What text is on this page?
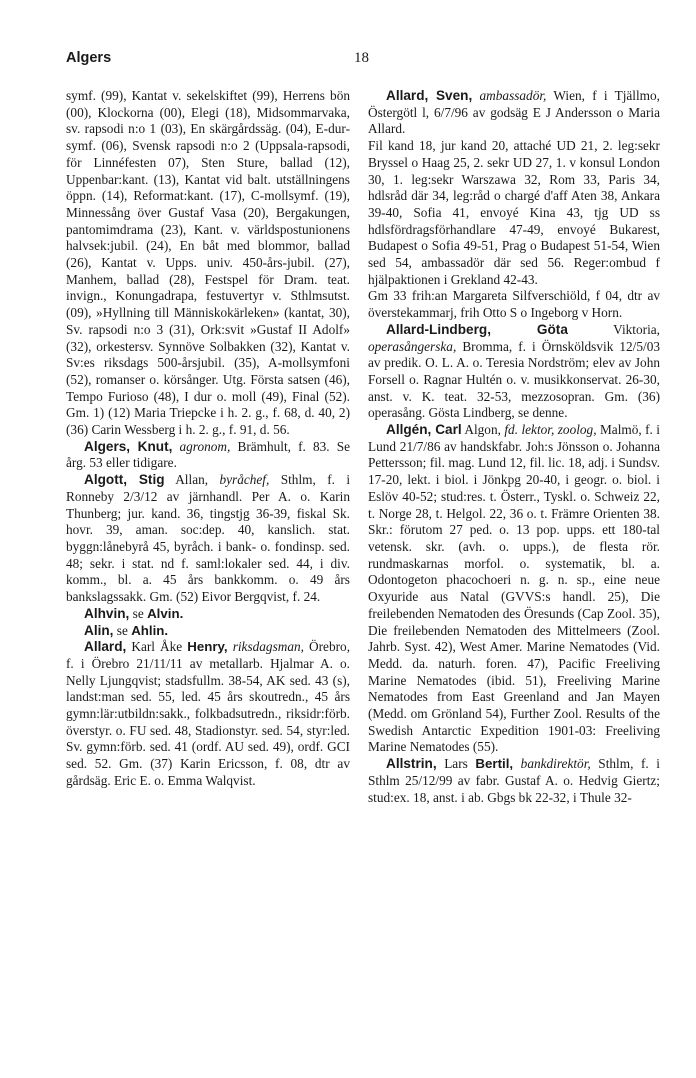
Algers	18

symf. (99), Kantat v. sekelskiftet (99), Herrens bön (00), Klockorna (00), Elegi (18), Midsommarvaka, sv. rapsodi n:o 1 (03), En skärgårdssäg. (04), E-dur-symf. (06), Svensk rapsodi n:o 2 (Uppsala-rapsodi, för Linnéfesten 07), Sten Sture, ballad (12), Uppenbar:kant. (13), Kantat vid balt. utställningens öppn. (14), Reformat:kant. (17), C-mollsymf. (19), Minnessång över Gustaf Vasa (20), Bergakungen, pantomimdrama (23), Kant. v. världspostunionens halvsek:jubil. (24), En båt med blommor, ballad (26), Kantat v. Upps. univ. 450-års-jubil. (27), Manhem, ballad (28), Festspel för Dram. teat. invign., Konungadrapa, festuvertyr v. Sthlmsutst. (09), »Hyllning till Människokärleken» (kantat, 30), Sv. rapsodi n:o 3 (31), Ork:svit »Gustaf II Adolf» (32), orkestersv. Synnöve Solbakken (32), Kantat v. Sv:es riksdags 500-årsjubil. (35), A-mollsymfoni (52), romanser o. körsånger. Utg. Första satsen (46), Tempo Furioso (48), I dur o. moll (49), Final (52). Gm. 1) (12) Maria Triepcke i h. 2. g., f. 68, d. 40, 2) (36) Carin Wessberg i h. 2. g., f. 91, d. 56.

Algers, Knut, agronom, Brämhult, f. 83. Se årg. 53 eller tidigare.

Algott, Stig Allan, byråchef, Sthlm, f. i Ronneby 2/3/12 av järnhandl. Per A. o. Karin Thunberg; jur. kand. 36, tingstjg 36-39, fiskal Sk. hovr. 39, aman. soc:dep. 40, kanslich. stat. byggn:lånebyrå 45, byråch. i bank- o. fondinsp. sed. 48; sekr. i stat. nd f. saml:lokaler sed. 44, i div. komm., bl. a. 45 års bankkomm. o. 49 års bankslagssakk. Gm. (52) Eivor Bergqvist, f. 24.

Alhvin, se Alvin.

Alin, se Ahlin.

Allard, Karl Åke Henry, riksdagsman, Örebro, f. i Örebro 21/11/11 av metallarb. Hjalmar A. o. Nelly Ljungqvist; stadsfullm. 38-54, AK sed. 43 (s), landst:man sed. 55, led. 45 års skoutredn., 45 års gymn:lär:utbildn:sakk., folkbadsutredn., riksidr:förb. överstyr. o. FU sed. 48, Stadionstyr. sed. 54, styr:led. Sv. gymn:förb. sed. 41 (ordf. AU sed. 49), ordf. GCI sed. 52. Gm. (37) Karin Ericsson, f. 08, dtr av gårdsäg. Eric E. o. Emma Walqvist.

Allard, Sven, ambassadör, Wien, f i Tjällmo, Östergötl l, 6/7/96 av godsäg E J Andersson o Maria Allard.

Fil kand 18, jur kand 20, attaché UD 21, 2. leg:sekr Bryssel o Haag 25, 2. sekr UD 27, 1. v konsul London 30, 1. leg:sekr Warszawa 32, Rom 33, Paris 34, hdlsråd där 34, leg:råd o chargé d'aff Aten 38, Ankara 39-40, Sofia 41, envoyé Kina 43, tjg UD ss hdlsfördragsförhandlare 47-49, envoyé Bukarest, Budapest o Sofia 49-51, Prag o Budapest 51-54, Wien sed 54, ambassadör där sed 56. Reger:ombud f hjälpaktionen i Grekland 42-43.

Gm 33 frih:an Margareta Silfverschiöld, f 04, dtr av överstekammarj, frih Otto S o Ingeborg v Horn.

Allard-Lindberg, Göta	Viktoria, operasångerska, Bromma, f. i Örnsköldsvik 12/5/03 av predik. O. L. A. o. Teresia Nordström; elev av John Forsell o. Ragnar Hultén o. v. musikkonservat. 26-30, anst. v. K. teat. 32-53, mezzosopran. Gm. (36) operasång. Gösta Lindberg, se denne.

Allgén, Carl Algon, fd. lektor, zoolog, Malmö, f. i Lund 21/7/86 av handskfabr. Joh:s Jönsson o. Johanna Pettersson; fil. mag. Lund 12, fil. lic. 18, adj. i Sundsv. 17-20, lekt. i biol. i Jönkpg 20-40, i geogr. o. biol. i Eslöv 40-52; stud:res. t. Österr., Tyskl. o. Schweiz 22, t. Norge 28, t. Helgol. 22, 36 o. t. Främre Orienten 38. Skr.: förutom 27 ped. o. 13 pop. upps. ett 180-tal vetensk. skr. (avh. o. upps.), de flesta rör. rundmaskarnas morfol. o. systematik, bl. a. Odontogeton phacochoeri n. g. n. sp., eine neue Oxyuride aus Natal (GVVS:s handl. 25), Die freilebenden Nematoden des Öresunds (Cap Zool. 35), Die freilebenden Nematoden des Mittelmeers (Zool. Jahrb. Syst. 42), West Amer. Marine Nematodes (Vid. Medd. da. naturh. foren. 47), Pacific Freeliving Marine Nematodes (ibid. 51), Freeliving Marine Nematodes from East Greenland and Jan Mayen (Medd. om Grönland 54), Further Zool. Results of the Swedish Antarctic Expedition 1901-03: Freeliving Marine Nematodes (55).

Allstrin, Lars Bertil, bankdirektör, Sthlm, f. i Sthlm 25/12/99 av fabr. Gustaf A. o. Hedvig Giertz; stud:ex. 18, anst. i ab. Gbgs bk 22-32, i Thule 32-
